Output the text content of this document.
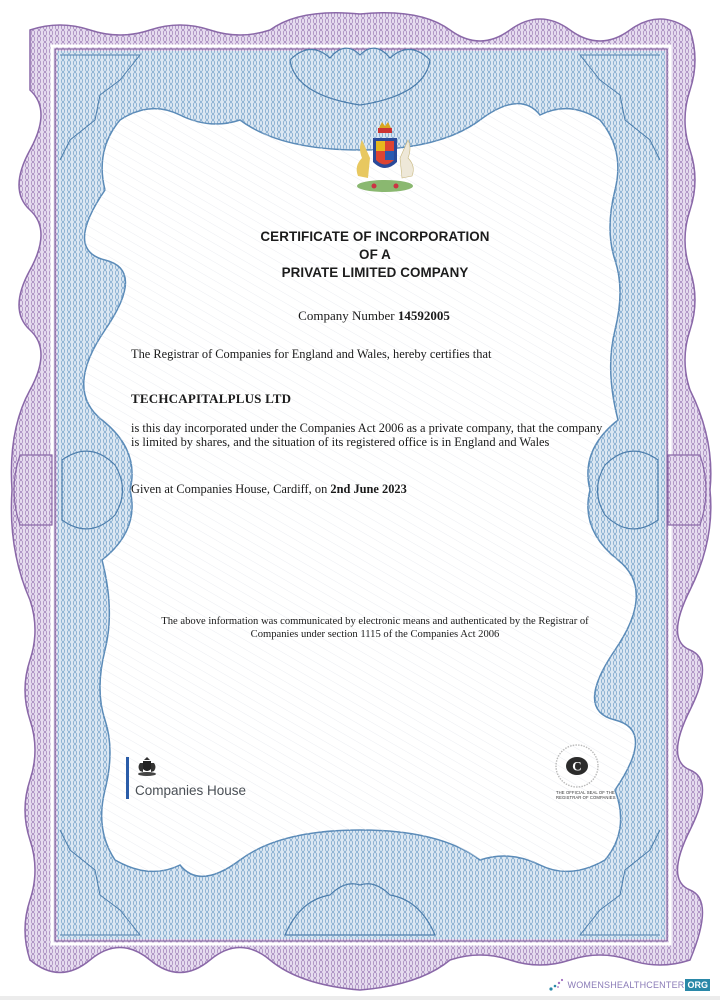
CERTIFICATE OF INCORPORATION
OF A
PRIVATE LIMITED COMPANY
Company Number 14592005
The Registrar of Companies for England and Wales, hereby certifies that
TECHCAPITALPLUS LTD
is this day incorporated under the Companies Act 2006 as a private company, that the company is limited by shares, and the situation of its registered office is in England and Wales
Given at Companies House, Cardiff, on 2nd June 2023
The above information was communicated by electronic means and authenticated by the Registrar of Companies under section 1115 of the Companies Act 2006
Companies House
C
THE OFFICIAL SEAL OF THE
REGISTRAR OF COMPANIES
WOMENSHEALTHCENTER ORG
